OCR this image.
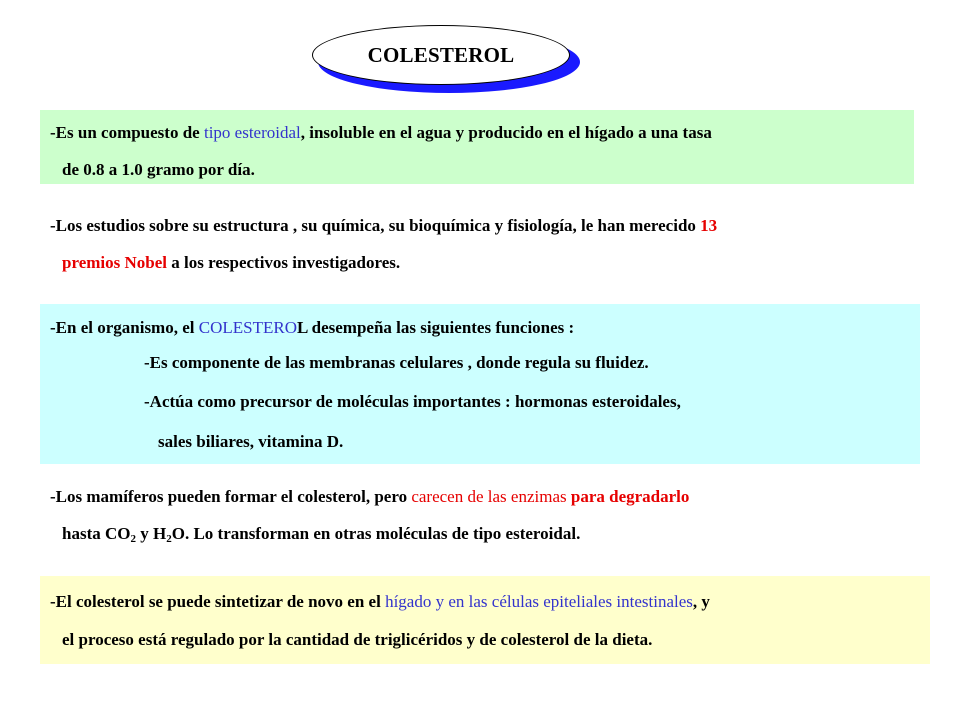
COLESTEROL
-Es un compuesto de tipo esteroidal, insoluble en el agua y producido en el hígado a una tasa
de 0.8 a 1.0 gramo por día.
-Los estudios sobre su estructura , su química, su bioquímica y fisiología, le han merecido 13
premios Nobel a los respectivos investigadores.
-En el organismo, el COLESTEROL desempeña las siguientes funciones :
-Es componente de las membranas celulares , donde regula su fluidez.
-Actúa como precursor de moléculas importantes : hormonas esteroidales,
sales biliares, vitamina D.
-Los mamíferos pueden formar el colesterol, pero carecen de las enzimas para degradarlo
hasta $CO_2$ y $H_2O$. Lo transforman en otras moléculas de tipo esteroidal.
-El colesterol se puede sintetizar de novo en el hígado y en las células epiteliales intestinales, y
el proceso está regulado por la cantidad de triglicéridos y de colesterol de la dieta.
